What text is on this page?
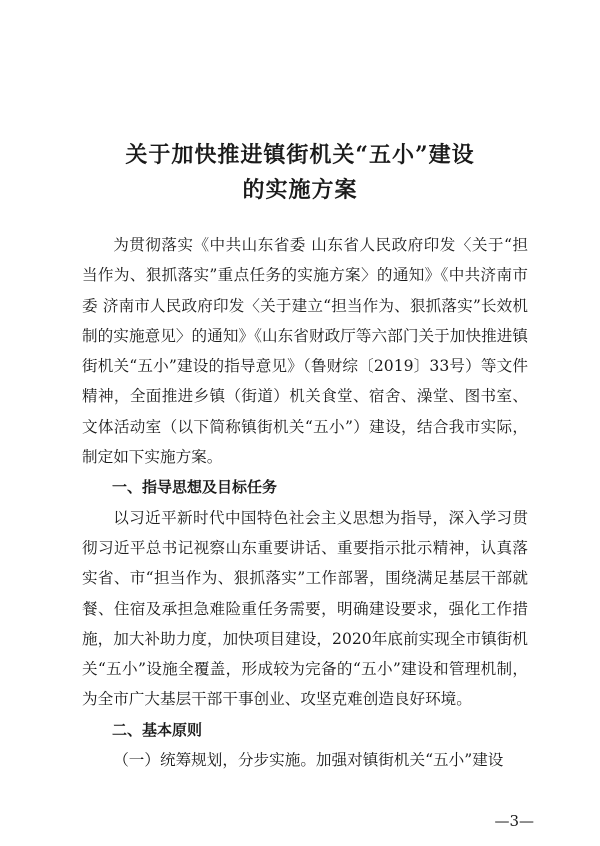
关于加快推进镇街机关“五小”建设
的实施方案

为贯彻落实《中共山东省委 山东省人民政府印发〈关于“担当作为、狠抓落实”重点任务的实施方案〉的通知》《中共济南市委 济南市人民政府印发〈关于建立“担当作为、狠抓落实”长效机制的实施意见〉的通知》《山东省财政厅等六部门关于加快推进镇街机关“五小”建设的指导意见》（鲁财综〔2019〕33号）等文件精神，全面推进乡镇（街道）机关食堂、宿舍、澡堂、图书室、文体活动室（以下简称镇街机关“五小”）建设，结合我市实际，制定如下实施方案。

一、指导思想及目标任务

以习近平新时代中国特色社会主义思想为指导，深入学习贯彻习近平总书记视察山东重要讲话、重要指示批示精神，认真落实省、市“担当作为、狠抓落实”工作部署，围绕满足基层干部就餐、住宿及承担急难险重任务需要，明确建设要求，强化工作措施，加大补助力度，加快项目建设，2020年底前实现全市镇街机关“五小”设施全覆盖，形成较为完备的“五小”建设和管理机制，为全市广大基层干部干事创业、攻坚克难创造良好环境。

二、基本原则

（一）统筹规划，分步实施。加强对镇街机关“五小”建设

—3—
